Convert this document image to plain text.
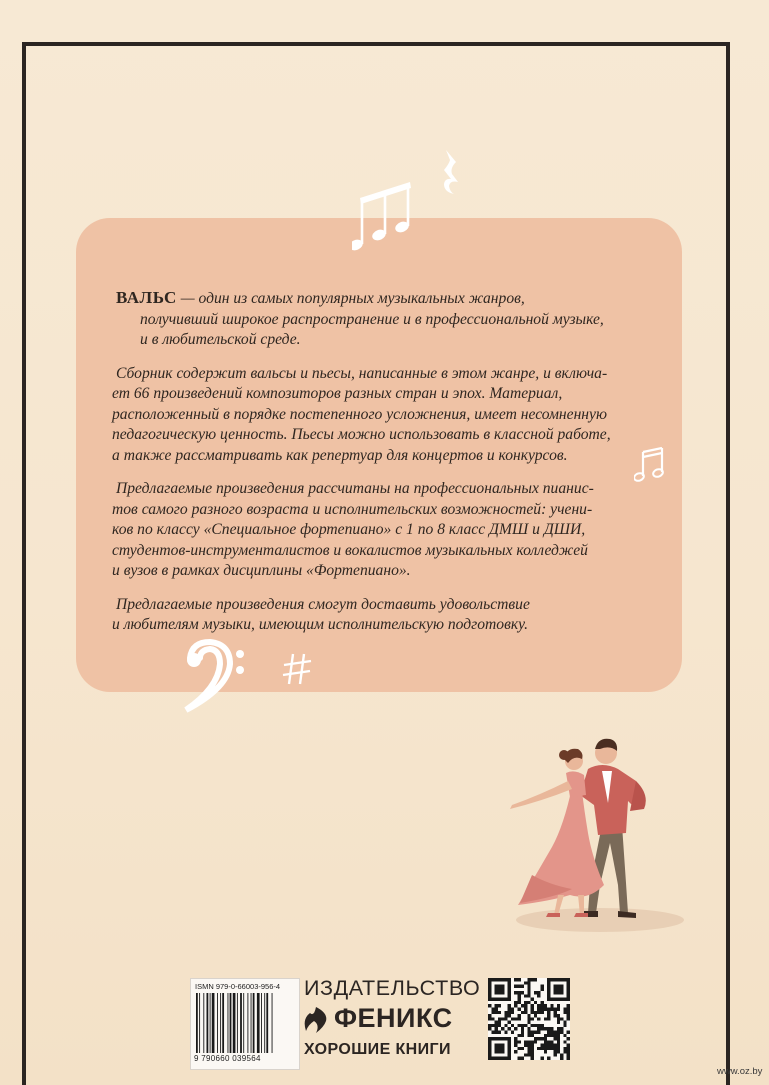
ВАЛЬС — один из самых популярных музыкальных жанров,
получивший широкое распространение и в профессиональной музыке,
и в любительской среде.

Сборник содержит вальсы и пьесы, написанные в этом жанре, и включа-
ет 66 произведений композиторов разных стран и эпох. Материал,
расположенный в порядке постепенного усложнения, имеет несомненную
педагогическую ценность. Пьесы можно использовать в классной работе,
а также рассматривать как репертуар для концертов и конкурсов.

Предлагаемые произведения рассчитаны на профессиональных пианис-
тов самого разного возраста и исполнительских возможностей: учени-
ков по классу «Специальное фортепиано» с 1 по 8 класс ДМШ и ДШИ,
студентов-инструменталистов и вокалистов музыкальных колледжей
и вузов в рамках дисциплины «Фортепиано».

Предлагаемые произведения смогут доставить удовольствие
и любителям музыки, имеющим исполнительскую подготовку.

ISMN 979-0-66003-956-4
9 790660 039564
ИЗДАТЕЛЬСТВО
ФЕНИКС
ХОРОШИЕ КНИГИ
www.oz.by
